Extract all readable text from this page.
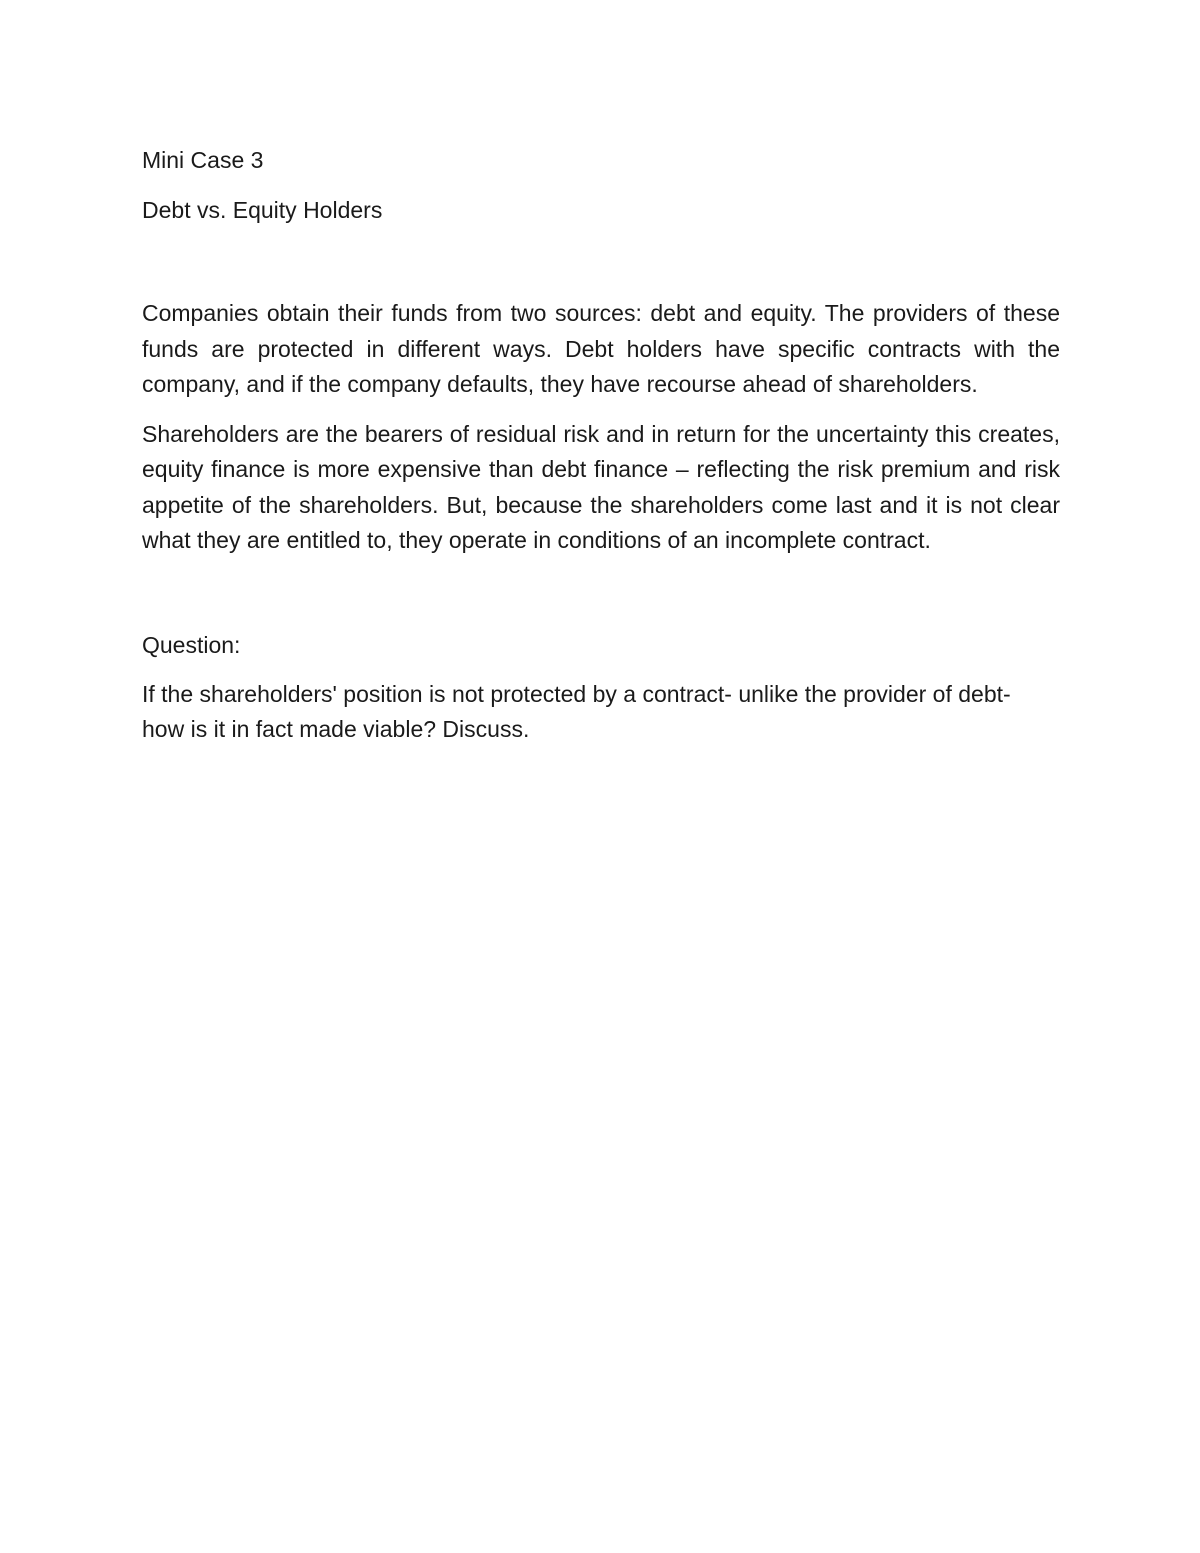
Mini Case 3
Debt vs. Equity Holders

Companies obtain their funds from two sources: debt and equity. The providers of these funds are protected in different ways. Debt holders have specific contracts with the company, and if the company defaults, they have recourse ahead of shareholders.

Shareholders are the bearers of residual risk and in return for the uncertainty this creates, equity finance is more expensive than debt finance – reflecting the risk premium and risk appetite of the shareholders. But, because the shareholders come last and it is not clear what they are entitled to, they operate in conditions of an incomplete contract.

Question:

If the shareholders' position is not protected by a contract- unlike the provider of debt- how is it in fact made viable? Discuss.
